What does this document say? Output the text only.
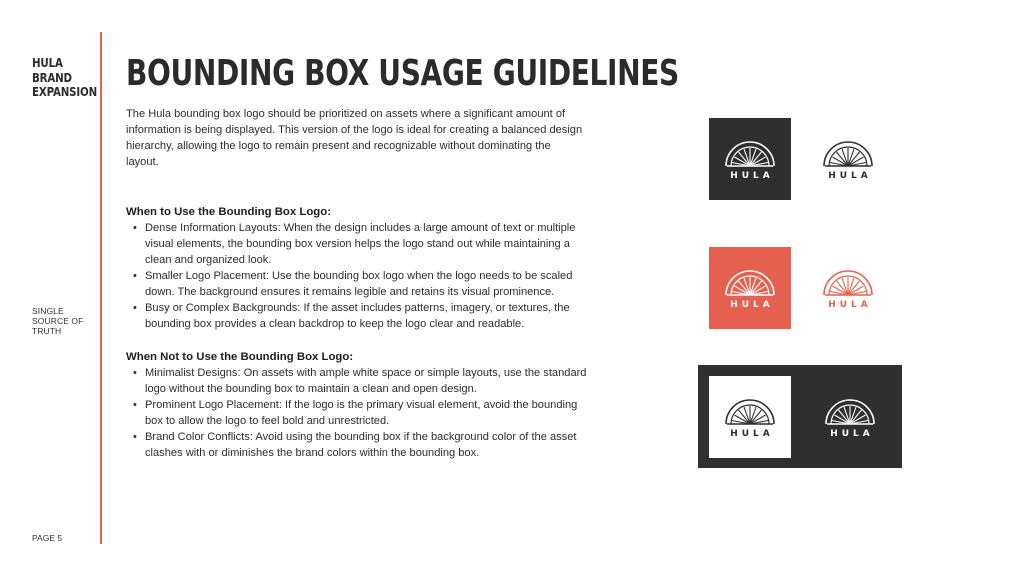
HULA
BRAND
EXPANSION
SINGLE
SOURCE OF
TRUTH
PAGE 5
BOUNDING BOX USAGE GUIDELINES

The Hula bounding box logo should be prioritized on assets where a significant amount of information is being displayed. This version of the logo is ideal for creating a balanced design hierarchy, allowing the logo to remain present and recognizable without dominating the layout.

When to Use the Bounding Box Logo:
• Dense Information Layouts: When the design includes a large amount of text or multiple visual elements, the bounding box version helps the logo stand out while maintaining a clean and organized look.
• Smaller Logo Placement: Use the bounding box logo when the logo needs to be scaled down. The background ensures it remains legible and retains its visual prominence.
• Busy or Complex Backgrounds: If the asset includes patterns, imagery, or textures, the bounding box provides a clean backdrop to keep the logo clear and readable.
When Not to Use the Bounding Box Logo:
• Minimalist Designs: On assets with ample white space or simple layouts, use the standard logo without the bounding box to maintain a clean and open design.
• Prominent Logo Placement: If the logo is the primary visual element, avoid the bounding box to allow the logo to feel bold and unrestricted.
• Brand Color Conflicts: Avoid using the bounding box if the background color of the asset clashes with or diminishes the brand colors within the bounding box.
HULA	HULA
HULA	HULA
HULA	HULA
